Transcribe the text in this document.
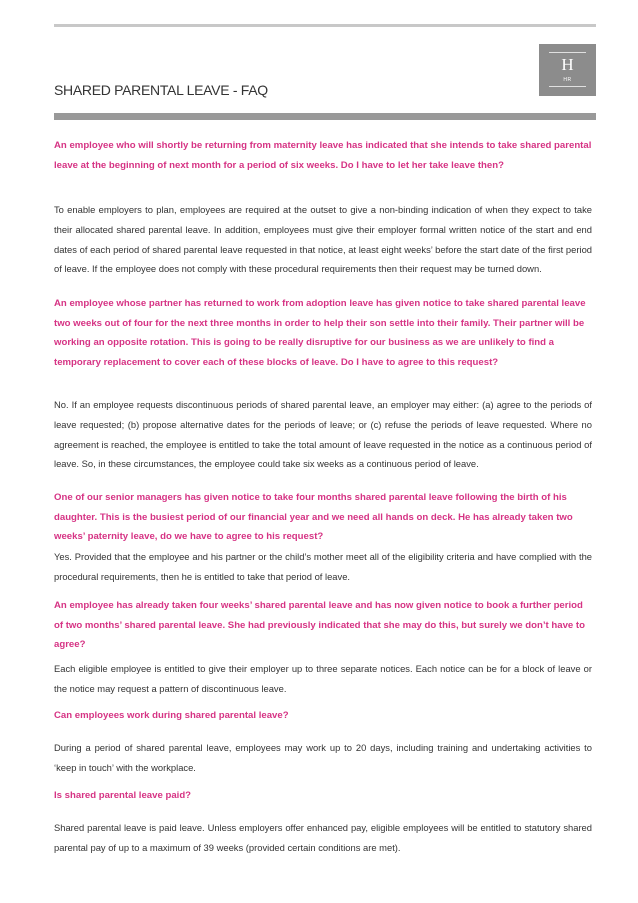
H
HR
SHARED PARENTAL LEAVE - FAQ

An employee who will shortly be returning from maternity leave has indicated that she intends to take shared parental leave at the beginning of next month for a period of six weeks. Do I have to let her take leave then?

To enable employers to plan, employees are required at the outset to give a non-binding indication of when they expect to take their allocated shared parental leave. In addition, employees must give their employer formal written notice of the start and end dates of each period of shared parental leave requested in that notice, at least eight weeks’ before the start date of the first period of leave. If the employee does not comply with these procedural requirements then their request may be turned down.

An employee whose partner has returned to work from adoption leave has given notice to take shared parental leave two weeks out of four for the next three months in order to help their son settle into their family. Their partner will be working an opposite rotation. This is going to be really disruptive for our business as we are unlikely to find a temporary replacement to cover each of these blocks of leave. Do I have to agree to this request?

No. If an employee requests discontinuous periods of shared parental leave, an employer may either: (a) agree to the periods of leave requested; (b) propose alternative dates for the periods of leave; or (c) refuse the periods of leave requested. Where no agreement is reached, the employee is entitled to take the total amount of leave requested in the notice as a continuous period of leave. So, in these circumstances, the employee could take six weeks as a continuous period of leave.

One of our senior managers has given notice to take four months shared parental leave following the birth of his daughter. This is the busiest period of our financial year and we need all hands on deck. He has already taken two weeks’ paternity leave, do we have to agree to his request?

Yes. Provided that the employee and his partner or the child’s mother meet all of the eligibility criteria and have complied with the procedural requirements, then he is entitled to take that period of leave.

An employee has already taken four weeks’ shared parental leave and has now given notice to book a further period of two months’ shared parental leave. She had previously indicated that she may do this, but surely we don’t have to agree?

Each eligible employee is entitled to give their employer up to three separate notices. Each notice can be for a block of leave or the notice may request a pattern of discontinuous leave.

Can employees work during shared parental leave?

During a period of shared parental leave, employees may work up to 20 days, including training and undertaking activities to ‘keep in touch’ with the workplace.

Is shared parental leave paid?

Shared parental leave is paid leave. Unless employers offer enhanced pay, eligible employees will be entitled to statutory shared parental pay of up to a maximum of 39 weeks (provided certain conditions are met).
